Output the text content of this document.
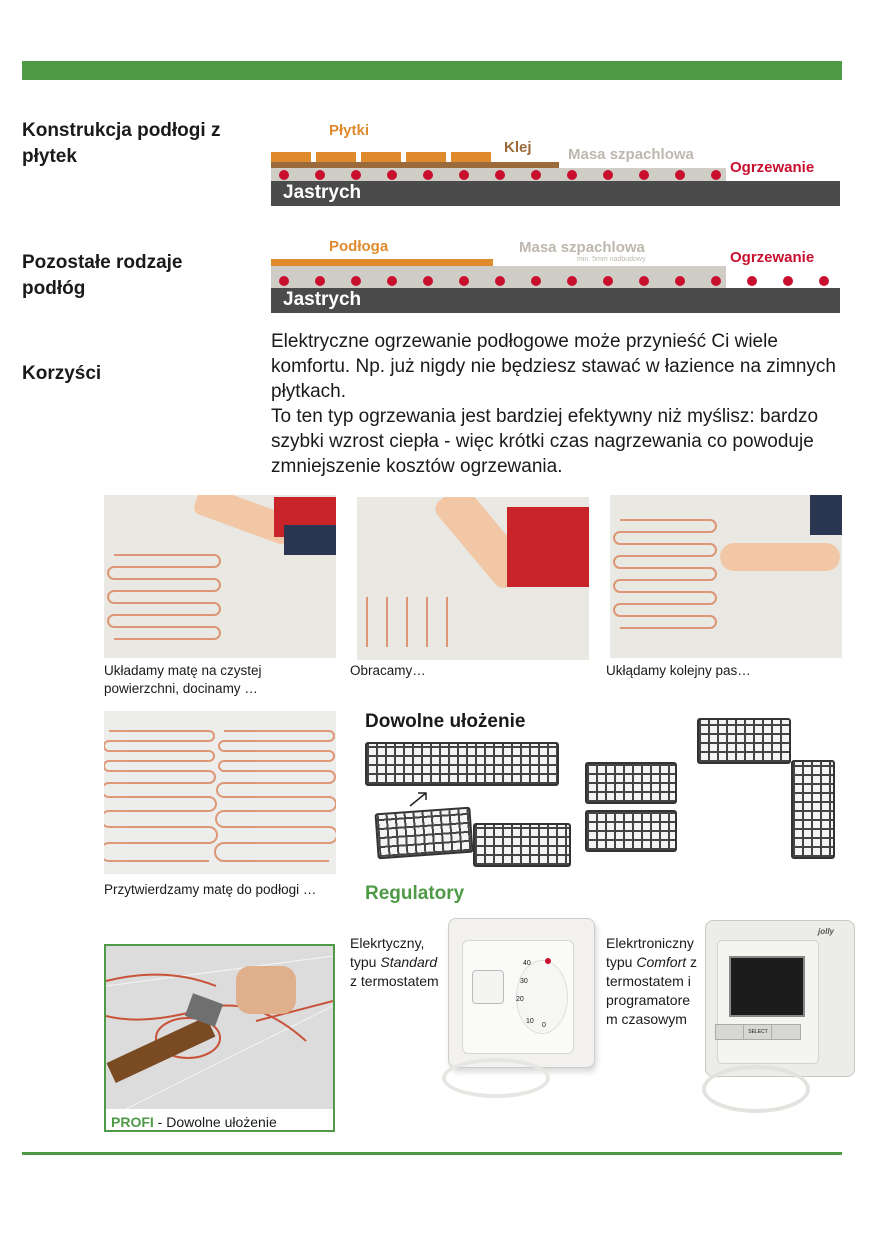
Konstrukcja podłogi z płytek
Płytki
Klej Masa szpachlowa
Ogrzewanie
Jastrych
Pozostałe rodzaje podłóg
Podłoga	Masa szpachlowa
min. 5mm nadbudowy	Ogrzewanie
Jastrych
Korzyści
Elektryczne ogrzewanie podłogowe może przynieść Ci wiele komfortu. Np. już nigdy nie będziesz stawać w łazience na zimnych płytkach.
To ten typ ogrzewania jest bardziej efektywny niż myślisz: bardzo szybki wzrost ciepła - więc krótki czas nagrzewania co powoduje zmniejszenie kosztów ogrzewania.
Układamy matę na czystej powierzchni, docinamy …
Obracamy…	Ukłądamy kolejny pas…
Przytwierdzamy matę do podłogi …
Dowolne ułożenie
Regulatory
Elekrtyczny,
typu Standard
z termostatem
40
30
20
10
0
Elekrtroniczny
typu Comfort z
termostatem i
programatore
m czasowym
jolly
SELECT
PROFI - Dowolne ułożenie
